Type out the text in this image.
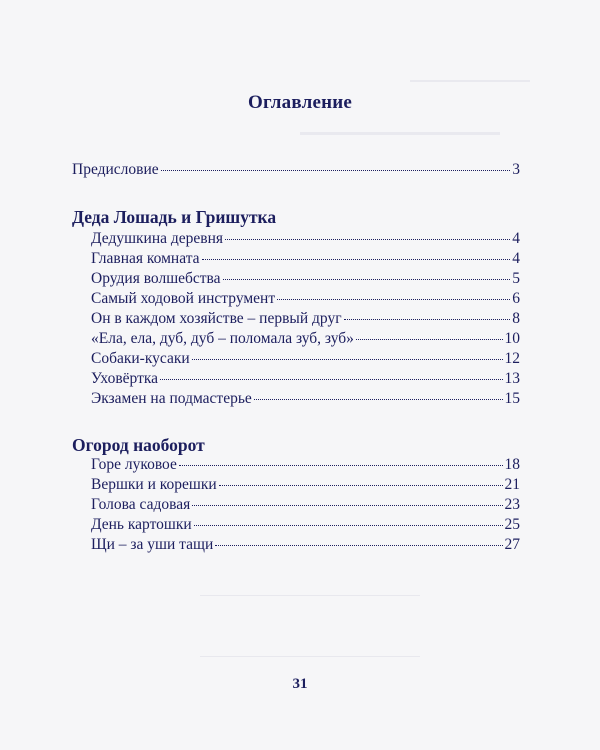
Оглавление
Предисловие	3
Деда Лошадь и Гришутка
Дедушкина деревня	4
Главная комната	4
Орудия волшебства	5
Самый ходовой инструмент	6
Он в каждом хозяйстве – первый друг	8
«Ела, ела, дуб, дуб – поломала зуб, зуб»	10
Собаки-кусаки	12
Уховёртка	13
Экзамен на подмастерье	15
Огород наоборот
Горе луковое	18
Вершки и корешки	21
Голова садовая	23
День картошки	25
Щи – за уши тащи	27
31
